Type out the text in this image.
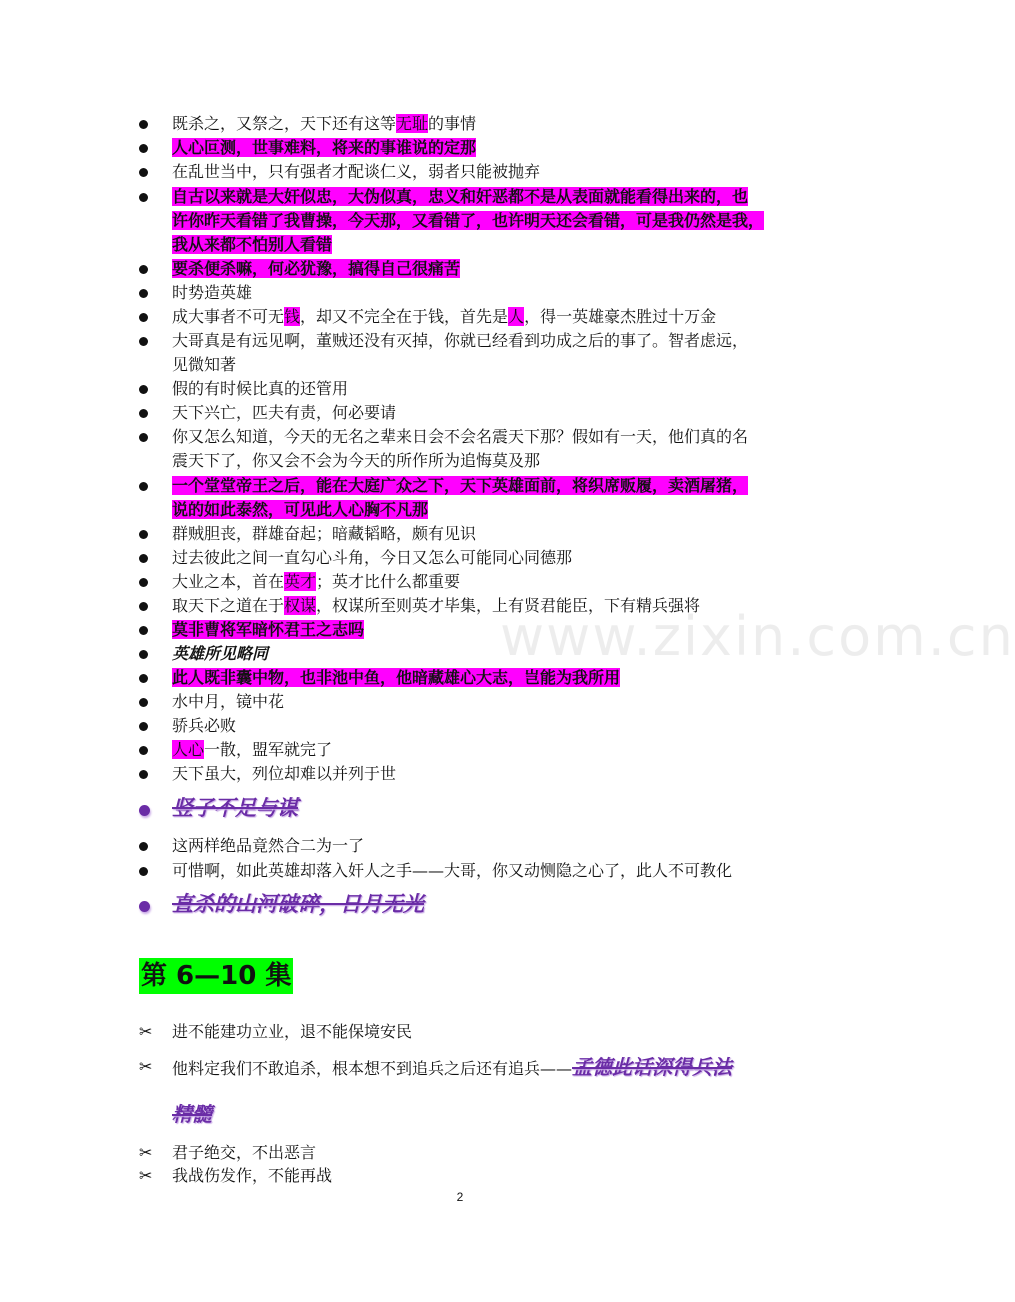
既杀之，又祭之，天下还有这等无耻的事情
人心叵测，世事难料，将来的事谁说的定那
在乱世当中，只有强者才配谈仁义，弱者只能被抛弃
自古以来就是大奸似忠，大伪似真，忠义和奸恶都不是从表面就能看得出来的，也
许你昨天看错了我曹操，今天那，又看错了，也许明天还会看错，可是我仍然是我，
我从来都不怕别人看错
要杀便杀嘛，何必犹豫，搞得自己很痛苦
时势造英雄
成大事者不可无钱，却又不完全在于钱，首先是人，得一英雄豪杰胜过十万金
大哥真是有远见啊，董贼还没有灭掉，你就已经看到功成之后的事了。智者虑远，
见微知著
假的有时候比真的还管用
天下兴亡，匹夫有责，何必要请
你又怎么知道，今天的无名之辈来日会不会名震天下那？假如有一天，他们真的名
震天下了，你又会不会为今天的所作所为追悔莫及那
一个堂堂帝王之后，能在大庭广众之下，天下英雄面前，将织席贩履，卖酒屠猪，
说的如此泰然，可见此人心胸不凡那
群贼胆丧，群雄奋起；暗藏韬略，颇有见识
过去彼此之间一直勾心斗角，今日又怎么可能同心同德那
大业之本，首在英才；英才比什么都重要
取天下之道在于权谋，权谋所至则英才毕集，上有贤君能臣，下有精兵强将
莫非曹将军暗怀君王之志吗
英雄所见略同
此人既非囊中物，也非池中鱼，他暗藏雄心大志，岂能为我所用
水中月，镜中花
骄兵必败
人心一散，盟军就完了
天下虽大，列位却难以并列于世
竖子不足与谋
这两样绝品竟然合二为一了
可惜啊，如此英雄却落入奸人之手——大哥，你又动恻隐之心了，此人不可教化
直杀的山河破碎，日月无光
第 6—10 集
✂ 进不能建功立业，退不能保境安民
✂ 他料定我们不敢追杀，根本想不到追兵之后还有追兵——孟德此话深得兵法
精髓
✂ 君子绝交，不出恶言
✂ 我战伤发作，不能再战
www.zixin.com.cn
2
